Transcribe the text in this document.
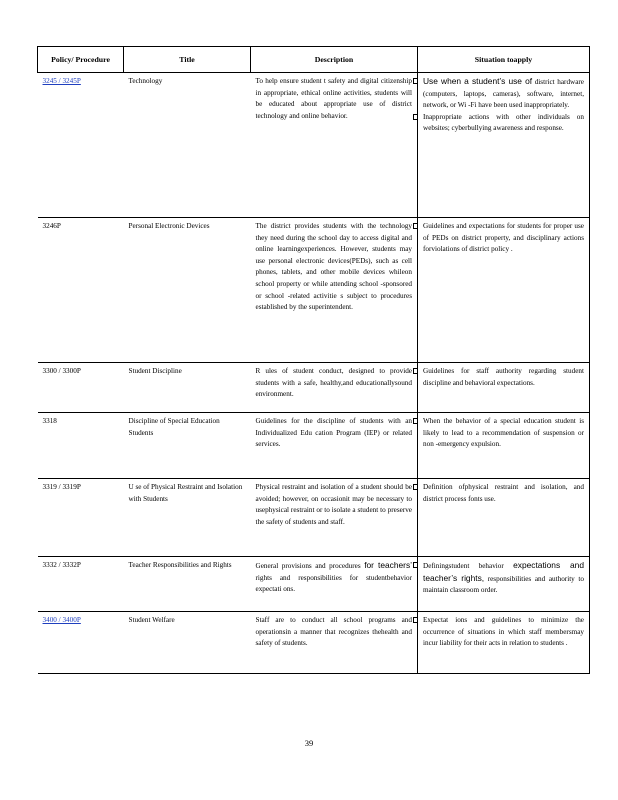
Policy/ Procedure	Title	Description	Situation toapply
3245 / 3245P	Technology	To help ensure student t safety and digital citizenship in appropriate, ethical online activities, students will be educated about appropriate use of district technology and online behavior.	Use when a student’s use of district hardware (computers, laptops, cameras), software, internet, network, or Wi -Fi have been used inappropriately.
Inappropriate actions with other individuals on websites; cyberbullying awareness and response.

3246P	Personal Electronic Devices	The district provides students with the technology they need during the school day to access digital and online learningexperiences. However, students may use personal electronic devices(PEDs), such as cell phones, tablets, and other mobile devices whileon school property or while attending school -sponsored or school -related activitie s subject to procedures established by the superintendent.	Guidelines and expectations for students for proper use of PEDs on district property, and disciplinary actions forviolations of district policy .

3300 / 3300P	Student Discipline	R ules of student conduct, designed to provide students with a safe, healthy,and educationallysound environment.	Guidelines for staff authority regarding student discipline and behavioral expectations.

3318	Discipline of Special Education Students	Guidelines for the discipline of students with an Individualized Edu cation Program (IEP) or related services.	When the behavior of a special education student is likely to lead to a recommendation of suspension or non -emergency expulsion.

3319 / 3319P	U se of Physical Restraint and Isolation with Students	Physical restraint and isolation of a student should be avoided; however, on occasionit may be necessary to usephysical restraint or to isolate a student to preserve the safety of students and staff.	Definition ofphysical restraint and isolation, and district process fonts use.

3332 / 3332P	Teacher Responsibilities and Rights	General provisions and procedures for teachers’ rights and responsibilities for studentbehavior expectati ons.	Definingstudent behavior expectations and teacher’s rights, responsibilities and authority to maintain classroom order.

3400 / 3400P	Student Welfare	Staff are to conduct all school programs and operationsin a manner that recognizes thehealth and safety of students.	Expectat ions and guidelines to minimize the occurrence of situations in which staff membersmay incur liability for their acts in relation to students .
39
